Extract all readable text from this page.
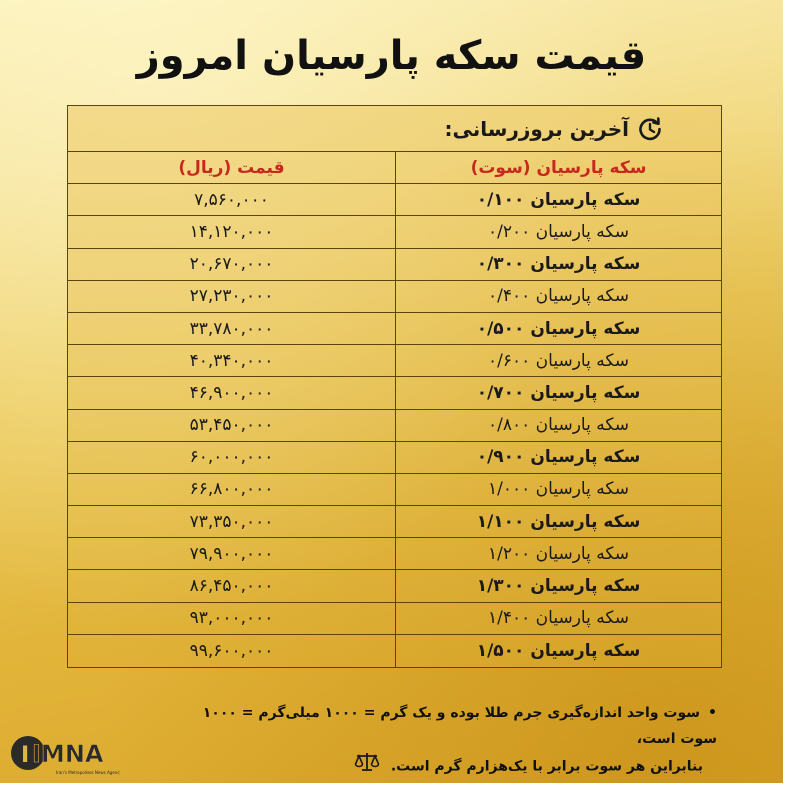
قیمت سکه پارسیان امروز
آخرین بروزرسانی:
قیمت (ریال)	سکه پارسیان (سوت)
۷,۵۶۰,۰۰۰	سکه پارسیان ۰/۱۰۰
۱۴,۱۲۰,۰۰۰	سکه پارسیان ۰/۲۰۰
۲۰,۶۷۰,۰۰۰	سکه پارسیان ۰/۳۰۰
۲۷,۲۳۰,۰۰۰	سکه پارسیان ۰/۴۰۰
۳۳,۷۸۰,۰۰۰	سکه پارسیان ۰/۵۰۰
۴۰,۳۴۰,۰۰۰	سکه پارسیان ۰/۶۰۰
۴۶,۹۰۰,۰۰۰	سکه پارسیان ۰/۷۰۰
۵۳,۴۵۰,۰۰۰	سکه پارسیان ۰/۸۰۰
۶۰,۰۰۰,۰۰۰	سکه پارسیان ۰/۹۰۰
۶۶,۸۰۰,۰۰۰	سکه پارسیان ۱/۰۰۰
۷۳,۳۵۰,۰۰۰	سکه پارسیان ۱/۱۰۰
۷۹,۹۰۰,۰۰۰	سکه پارسیان ۱/۲۰۰
۸۶,۴۵۰,۰۰۰	سکه پارسیان ۱/۳۰۰
۹۳,۰۰۰,۰۰۰	سکه پارسیان ۱/۴۰۰
۹۹,۶۰۰,۰۰۰	سکه پارسیان ۱/۵۰۰
•سوت واحد اندازه‌گیری جرم طلا بوده و یک گرم = ۱۰۰۰ میلی‌گرم = ۱۰۰۰ سوت است،
بنابراین هر سوت برابر با یک‌هزارم گرم است.
I IMNA
Iran's Metropolises News Agency
